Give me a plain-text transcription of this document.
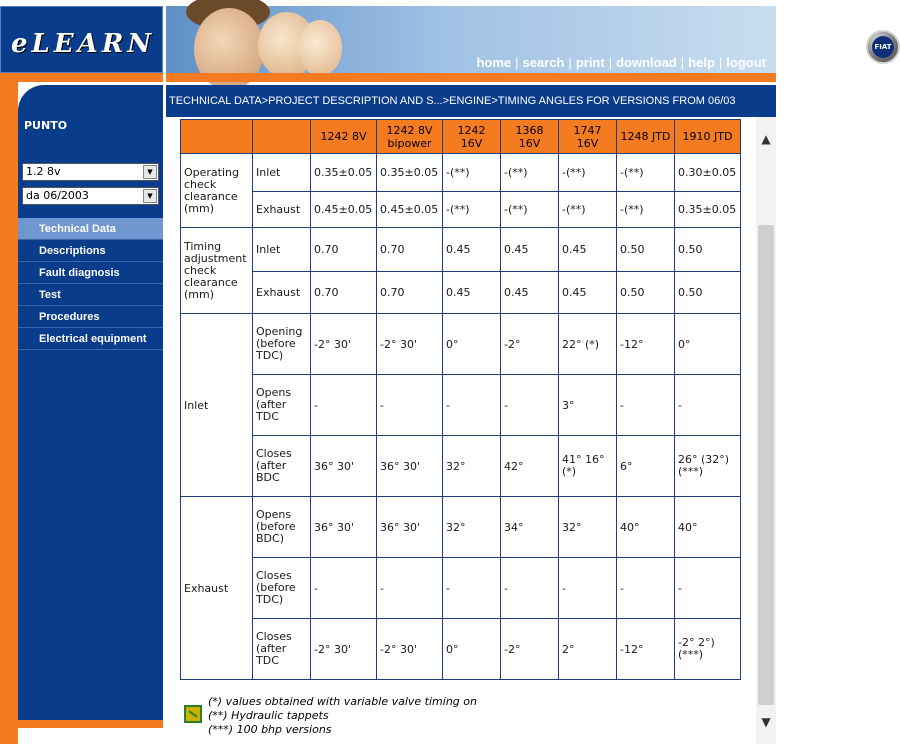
eLEARN	FIAT
home | search | print | download | help | logout
TECHNICAL DATA>PROJECT DESCRIPTION AND S...>ENGINE>TIMING ANGLES FOR VERSIONS FROM 06/03
PUNTO
1.2 8v	▼
da 06/2003	▼
Technical Data
Descriptions
Fault diagnosis
Test
Procedures
Electrical equipment
		1242 8V	1242 8V bipower	1242 16V	1368 16V	1747 16V	1248 JTD	1910 JTD
Operating check clearance (mm)	Inlet	0.35±0.05	0.35±0.05	-(**)	-(**)	-(**)	-(**)	0.30±0.05
	Exhaust	0.45±0.05	0.45±0.05	-(**)	-(**)	-(**)	-(**)	0.35±0.05
Timing adjustment check clearance (mm)	Inlet	0.70	0.70	0.45	0.45	0.45	0.50	0.50
	Exhaust	0.70	0.70	0.45	0.45	0.45	0.50	0.50
Inlet	Opening (before TDC)	-2° 30'	-2° 30'	0°	-2°	22° (*)	-12°	0°
	Opens (after TDC	-	-	-	-	3°	-	-
	Closes (after BDC	36° 30'	36° 30'	32°	42°	41° 16°(*)	6°	26° (32°) (***)
Exhaust	Opens (before BDC)	36° 30'	36° 30'	32°	34°	32°	40°	40°
	Closes (before TDC)	-	-	-	-	-	-	-
	Closes (after TDC	-2° 30'	-2° 30'	0°	-2°	2°	-12°	-2° 2°) (***)
(*) values obtained with variable valve timing on
(**) Hydraulic tappets
(***) 100 bhp versions
▲
▼
